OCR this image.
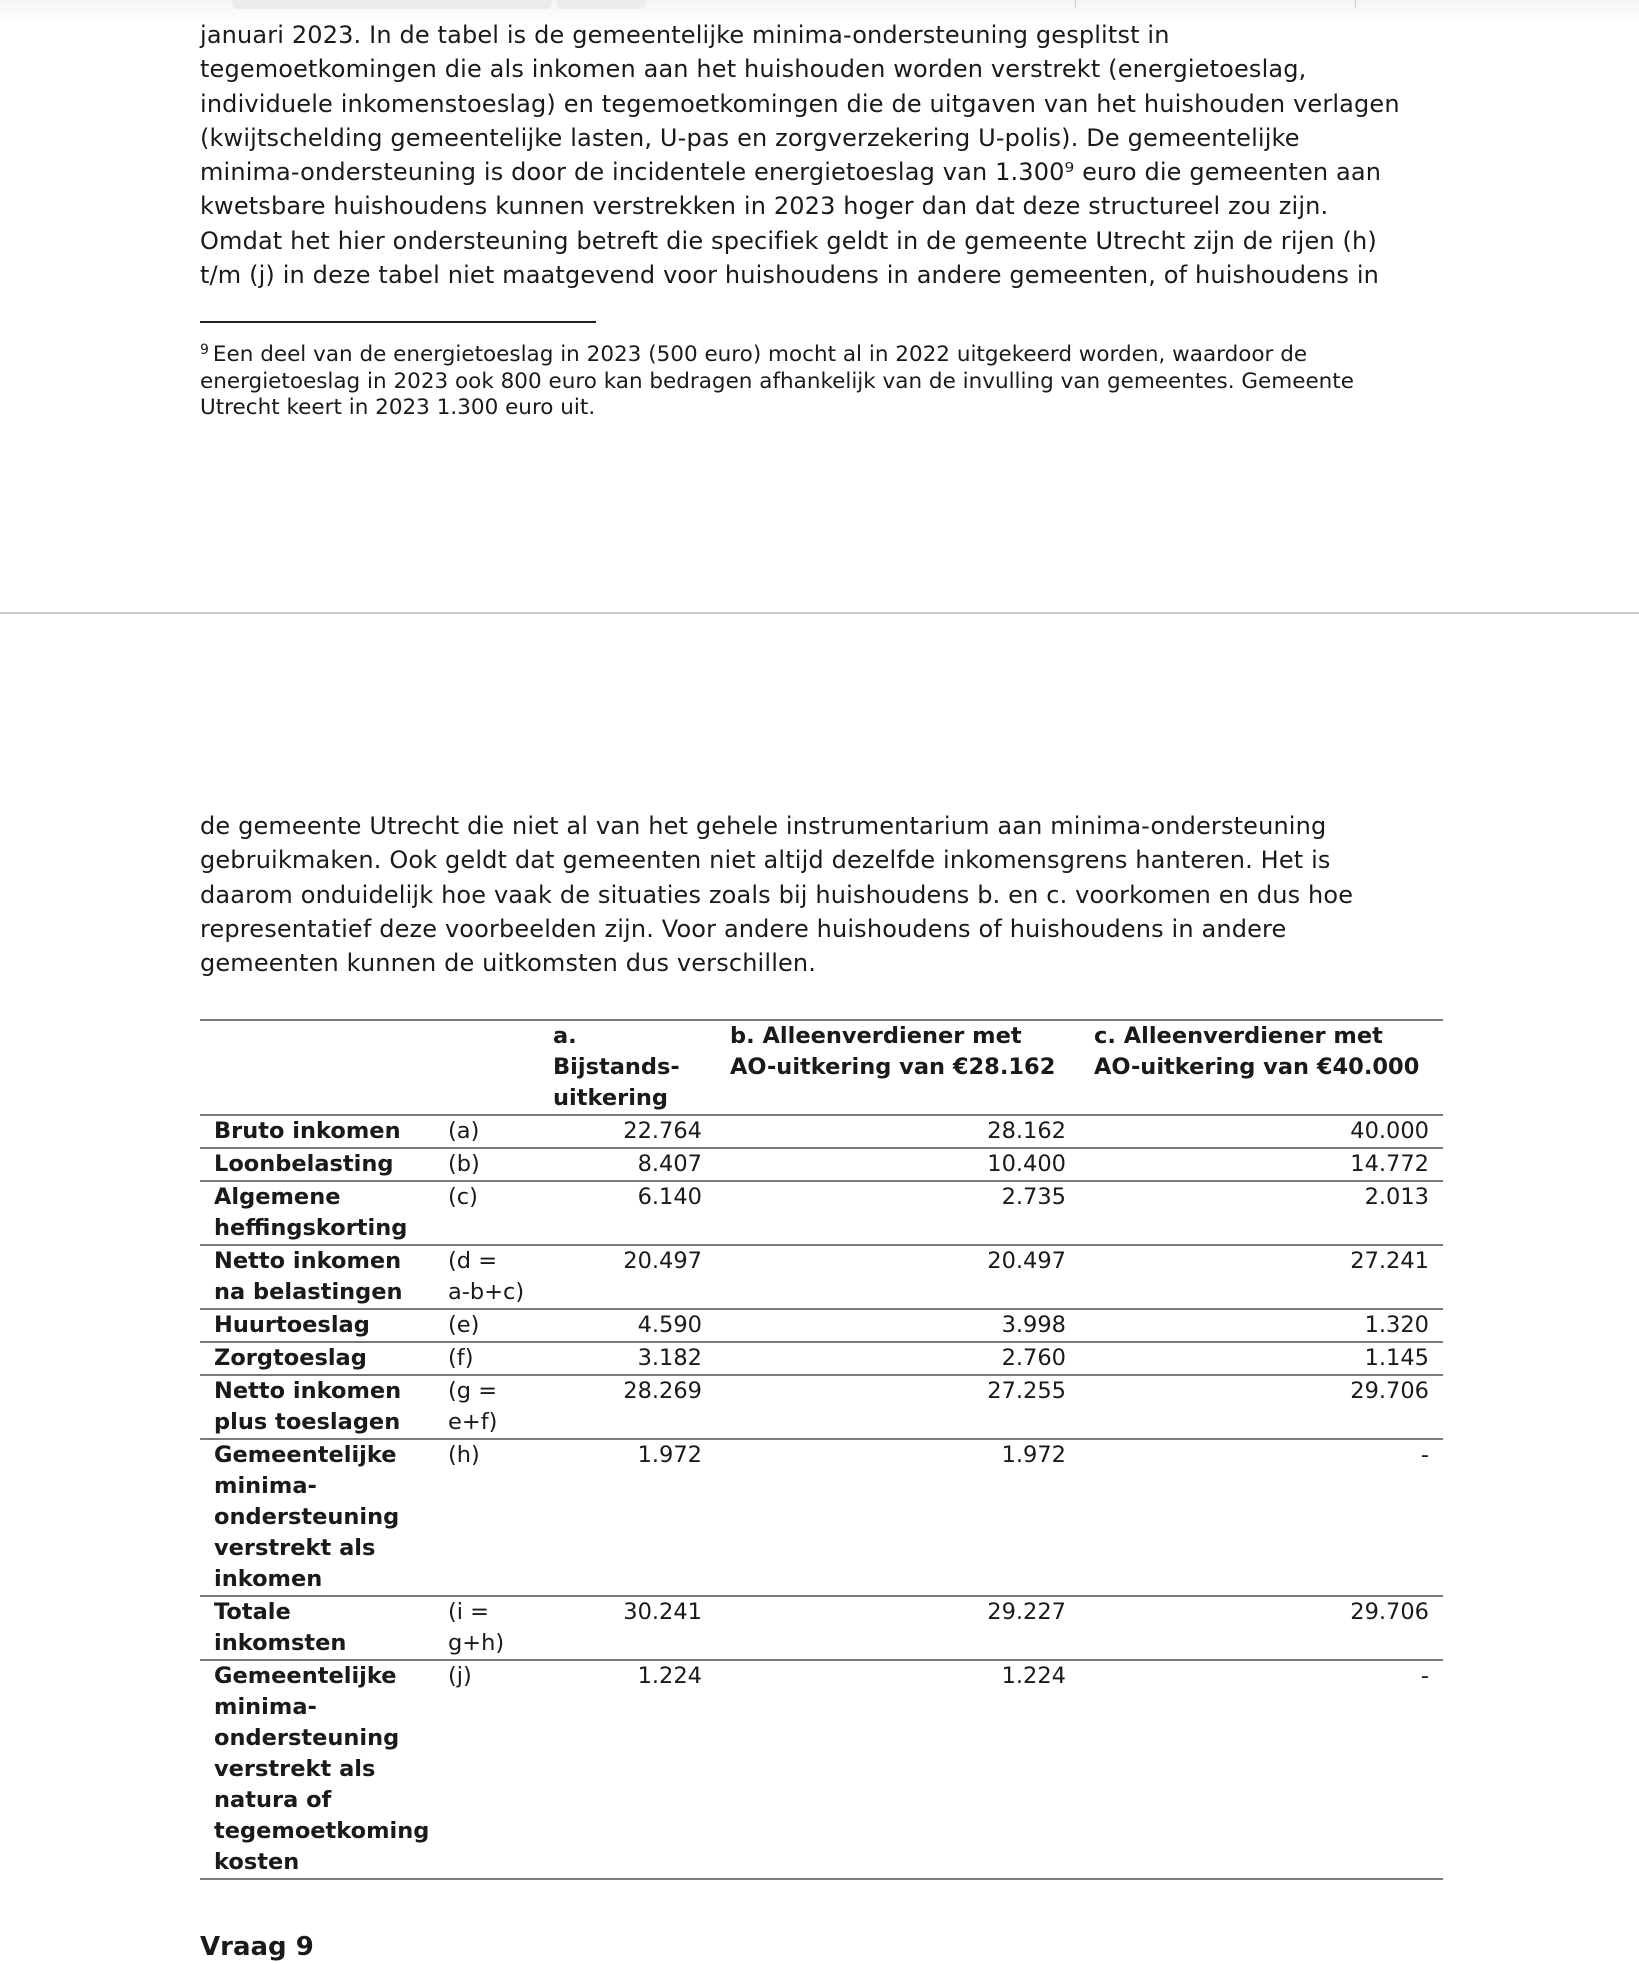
januari 2023. In de tabel is de gemeentelijke minima-ondersteuning gesplitst in
tegemoetkomingen die als inkomen aan het huishouden worden verstrekt (energietoeslag,
individuele inkomenstoeslag) en tegemoetkomingen die de uitgaven van het huishouden verlagen
(kwijtschelding gemeentelijke lasten, U-pas en zorgverzekering U-polis). De gemeentelijke
minima-ondersteuning is door de incidentele energietoeslag van 1.300⁹ euro die gemeenten aan
kwetsbare huishoudens kunnen verstrekken in 2023 hoger dan dat deze structureel zou zijn.
Omdat het hier ondersteuning betreft die specifiek geldt in de gemeente Utrecht zijn de rijen (h)
t/m (j) in deze tabel niet maatgevend voor huishoudens in andere gemeenten, of huishoudens in

$^9$ Een deel van de energietoeslag in 2023 (500 euro) mocht al in 2022 uitgekeerd worden, waardoor de
energietoeslag in 2023 ook 800 euro kan bedragen afhankelijk van de invulling van gemeentes. Gemeente
Utrecht keert in 2023 1.300 euro uit.

de gemeente Utrecht die niet al van het gehele instrumentarium aan minima-ondersteuning
gebruikmaken. Ook geldt dat gemeenten niet altijd dezelfde inkomensgrens hanteren. Het is
daarom onduidelijk hoe vaak de situaties zoals bij huishoudens b. en c. voorkomen en dus hoe
representatief deze voorbeelden zijn. Voor andere huishoudens of huishoudens in andere
gemeenten kunnen de uitkomsten dus verschillen.

		a. Bijstands-uitkering	b. Alleenverdiener met AO-uitkering van €28.162	c. Alleenverdiener met AO-uitkering van €40.000
Bruto inkomen	(a)	22.764	28.162	40.000
Loonbelasting	(b)	8.407	10.400	14.772
Algemene heffingskorting	(c)	6.140	2.735	2.013
Netto inkomen na belastingen	(d = a-b+c)	20.497	20.497	27.241
Huurtoeslag	(e)	4.590	3.998	1.320
Zorgtoeslag	(f)	3.182	2.760	1.145
Netto inkomen plus toeslagen	(g = e+f)	28.269	27.255	29.706
Gemeentelijke minima-ondersteuning verstrekt als inkomen	(h)	1.972	1.972	-
Totale inkomsten	(i = g+h)	30.241	29.227	29.706
Gemeentelijke minima-ondersteuning verstrekt als natura of tegemoetkoming kosten	(j)	1.224	1.224	-
Vraag 9
